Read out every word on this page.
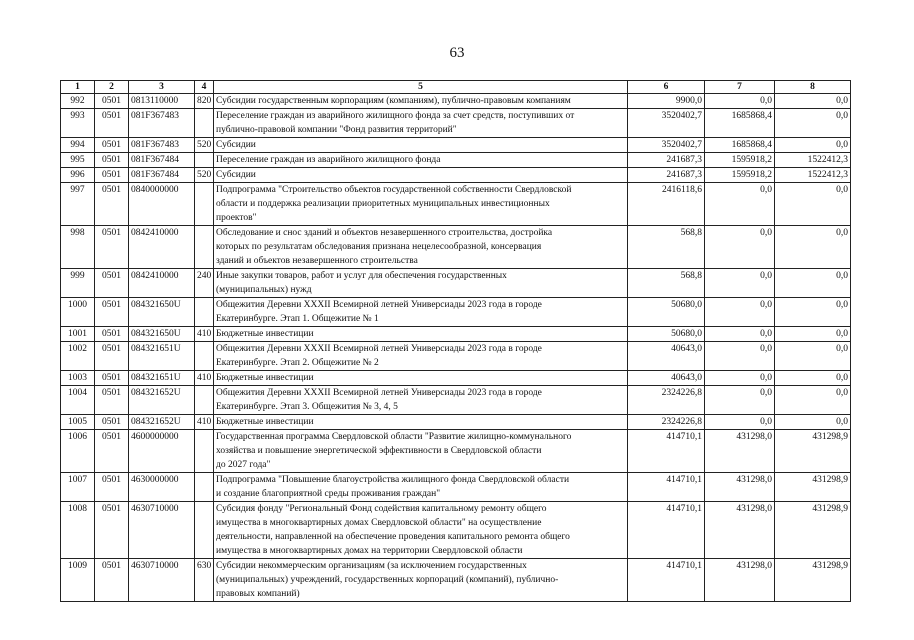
63
1	2	3	4	5	6	7	8
992	0501	0813110000	820	Субсидии государственным корпорациям (компаниям), публично-правовым компаниям	9900,0	0,0	0,0
993	0501	081F367483		Переселение граждан из аварийного жилищного фонда за счет средств, поступивших от
публично-правовой компании "Фонд развития территорий"	3520402,7	1685868,4	0,0
994	0501	081F367483	520	Субсидии	3520402,7	1685868,4	0,0
995	0501	081F367484		Переселение граждан из аварийного жилищного фонда	241687,3	1595918,2	1522412,3
996	0501	081F367484	520	Субсидии	241687,3	1595918,2	1522412,3
997	0501	0840000000		Подпрограмма "Строительство объектов государственной собственности Свердловской
области и поддержка реализации приоритетных муниципальных инвестиционных
проектов"	2416118,6	0,0	0,0
998	0501	0842410000		Обследование и снос зданий и объектов незавершенного строительства, достройка
которых по результатам обследования признана нецелесообразной, консервация
зданий и объектов незавершенного строительства	568,8	0,0	0,0
999	0501	0842410000	240	Иные закупки товаров, работ и услуг для обеспечения государственных
(муниципальных) нужд	568,8	0,0	0,0
1000	0501	084321650U		Общежития Деревни XXXII Всемирной летней Универсиады 2023 года в городе
Екатеринбурге. Этап 1. Общежитие № 1	50680,0	0,0	0,0
1001	0501	084321650U	410	Бюджетные инвестиции	50680,0	0,0	0,0
1002	0501	084321651U		Общежития Деревни XXXII Всемирной летней Универсиады 2023 года в городе
Екатеринбурге. Этап 2. Общежитие № 2	40643,0	0,0	0,0
1003	0501	084321651U	410	Бюджетные инвестиции	40643,0	0,0	0,0
1004	0501	084321652U		Общежития Деревни XXXII Всемирной летней Универсиады 2023 года в городе
Екатеринбурге. Этап 3. Общежития № 3, 4, 5	2324226,8	0,0	0,0
1005	0501	084321652U	410	Бюджетные инвестиции	2324226,8	0,0	0,0
1006	0501	4600000000		Государственная программа Свердловской области "Развитие жилищно-коммунального
хозяйства и повышение энергетической эффективности в Свердловской области
до 2027 года"	414710,1	431298,0	431298,9
1007	0501	4630000000		Подпрограмма "Повышение благоустройства жилищного фонда Свердловской области
и создание благоприятной среды проживания граждан"	414710,1	431298,0	431298,9
1008	0501	4630710000		Субсидия фонду "Региональный Фонд содействия капитальному ремонту общего
имущества в многоквартирных домах Свердловской области" на осуществление
деятельности, направленной на обеспечение проведения капитального ремонта общего
имущества в многоквартирных домах на территории Свердловской области	414710,1	431298,0	431298,9
1009	0501	4630710000	630	Субсидии некоммерческим организациям (за исключением государственных
(муниципальных) учреждений, государственных корпораций (компаний), публично-
правовых компаний)	414710,1	431298,0	431298,9
